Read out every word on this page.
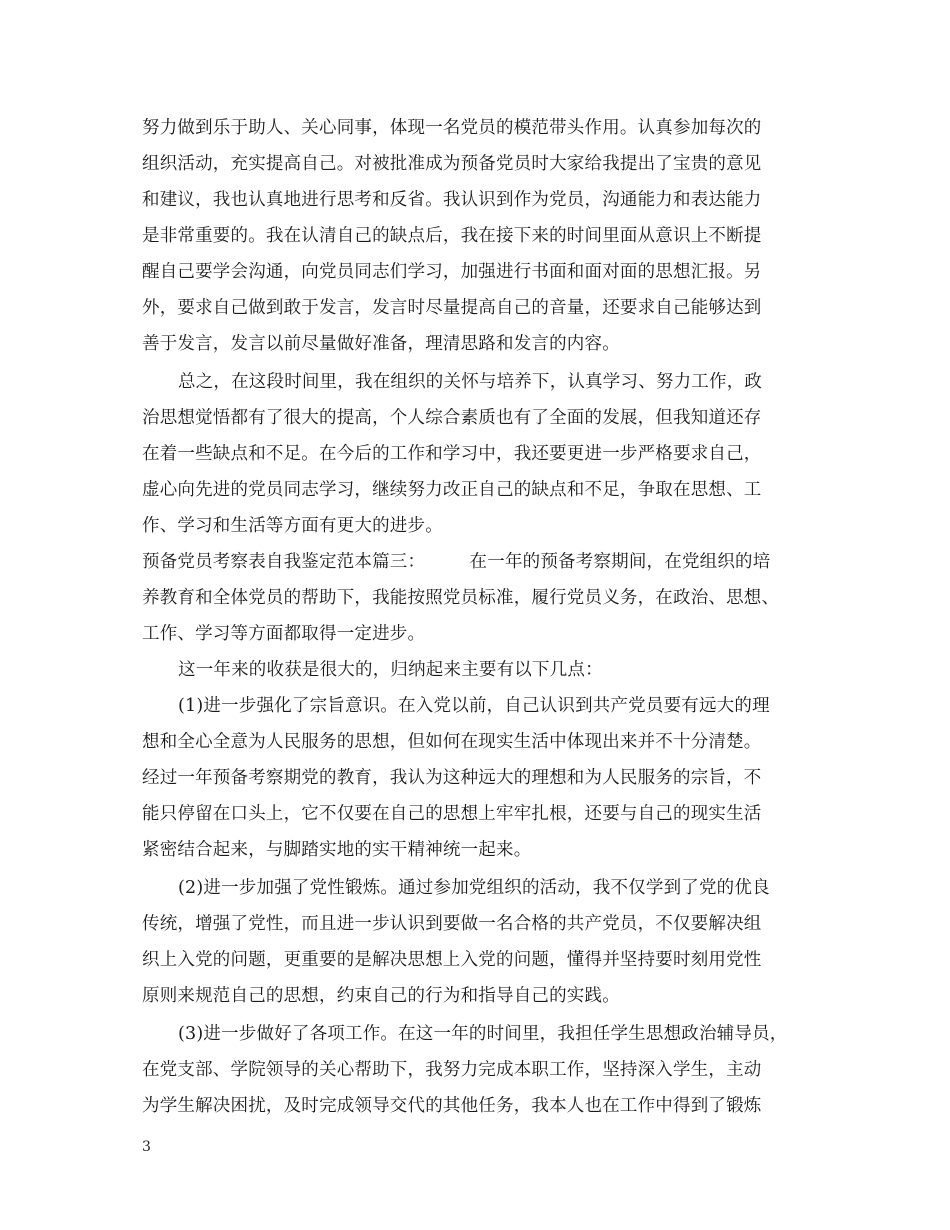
努力做到乐于助人、关心同事，体现一名党员的模范带头作用。认真参加每次的
组织活动，充实提高自己。对被批准成为预备党员时大家给我提出了宝贵的意见
和建议，我也认真地进行思考和反省。我认识到作为党员，沟通能力和表达能力
是非常重要的。我在认清自己的缺点后，我在接下来的时间里面从意识上不断提
醒自己要学会沟通，向党员同志们学习，加强进行书面和面对面的思想汇报。另
外，要求自己做到敢于发言，发言时尽量提高自己的音量，还要求自己能够达到
善于发言，发言以前尽量做好准备，理清思路和发言的内容。
总之，在这段时间里，我在组织的关怀与培养下，认真学习、努力工作，政
治思想觉悟都有了很大的提高，个人综合素质也有了全面的发展，但我知道还存
在着一些缺点和不足。在今后的工作和学习中，我还要更进一步严格要求自己，
虚心向先进的党员同志学习，继续努力改正自己的缺点和不足，争取在思想、工
作、学习和生活等方面有更大的进步。
预备党员考察表自我鉴定范本篇三：　　　在一年的预备考察期间，在党组织的培
养教育和全体党员的帮助下，我能按照党员标准，履行党员义务，在政治、思想、
工作、学习等方面都取得一定进步。
这一年来的收获是很大的，归纳起来主要有以下几点：
(1)进一步强化了宗旨意识。在入党以前，自己认识到共产党员要有远大的理
想和全心全意为人民服务的思想，但如何在现实生活中体现出来并不十分清楚。
经过一年预备考察期党的教育，我认为这种远大的理想和为人民服务的宗旨，不
能只停留在口头上，它不仅要在自己的思想上牢牢扎根，还要与自己的现实生活
紧密结合起来，与脚踏实地的实干精神统一起来。
(2)进一步加强了党性锻炼。通过参加党组织的活动，我不仅学到了党的优良
传统，增强了党性，而且进一步认识到要做一名合格的共产党员，不仅要解决组
织上入党的问题，更重要的是解决思想上入党的问题，懂得并坚持要时刻用党性
原则来规范自己的思想，约束自己的行为和指导自己的实践。
(3)进一步做好了各项工作。在这一年的时间里，我担任学生思想政治辅导员，
在党支部、学院领导的关心帮助下，我努力完成本职工作，坚持深入学生，主动
为学生解决困扰，及时完成领导交代的其他任务，我本人也在工作中得到了锻炼
3
